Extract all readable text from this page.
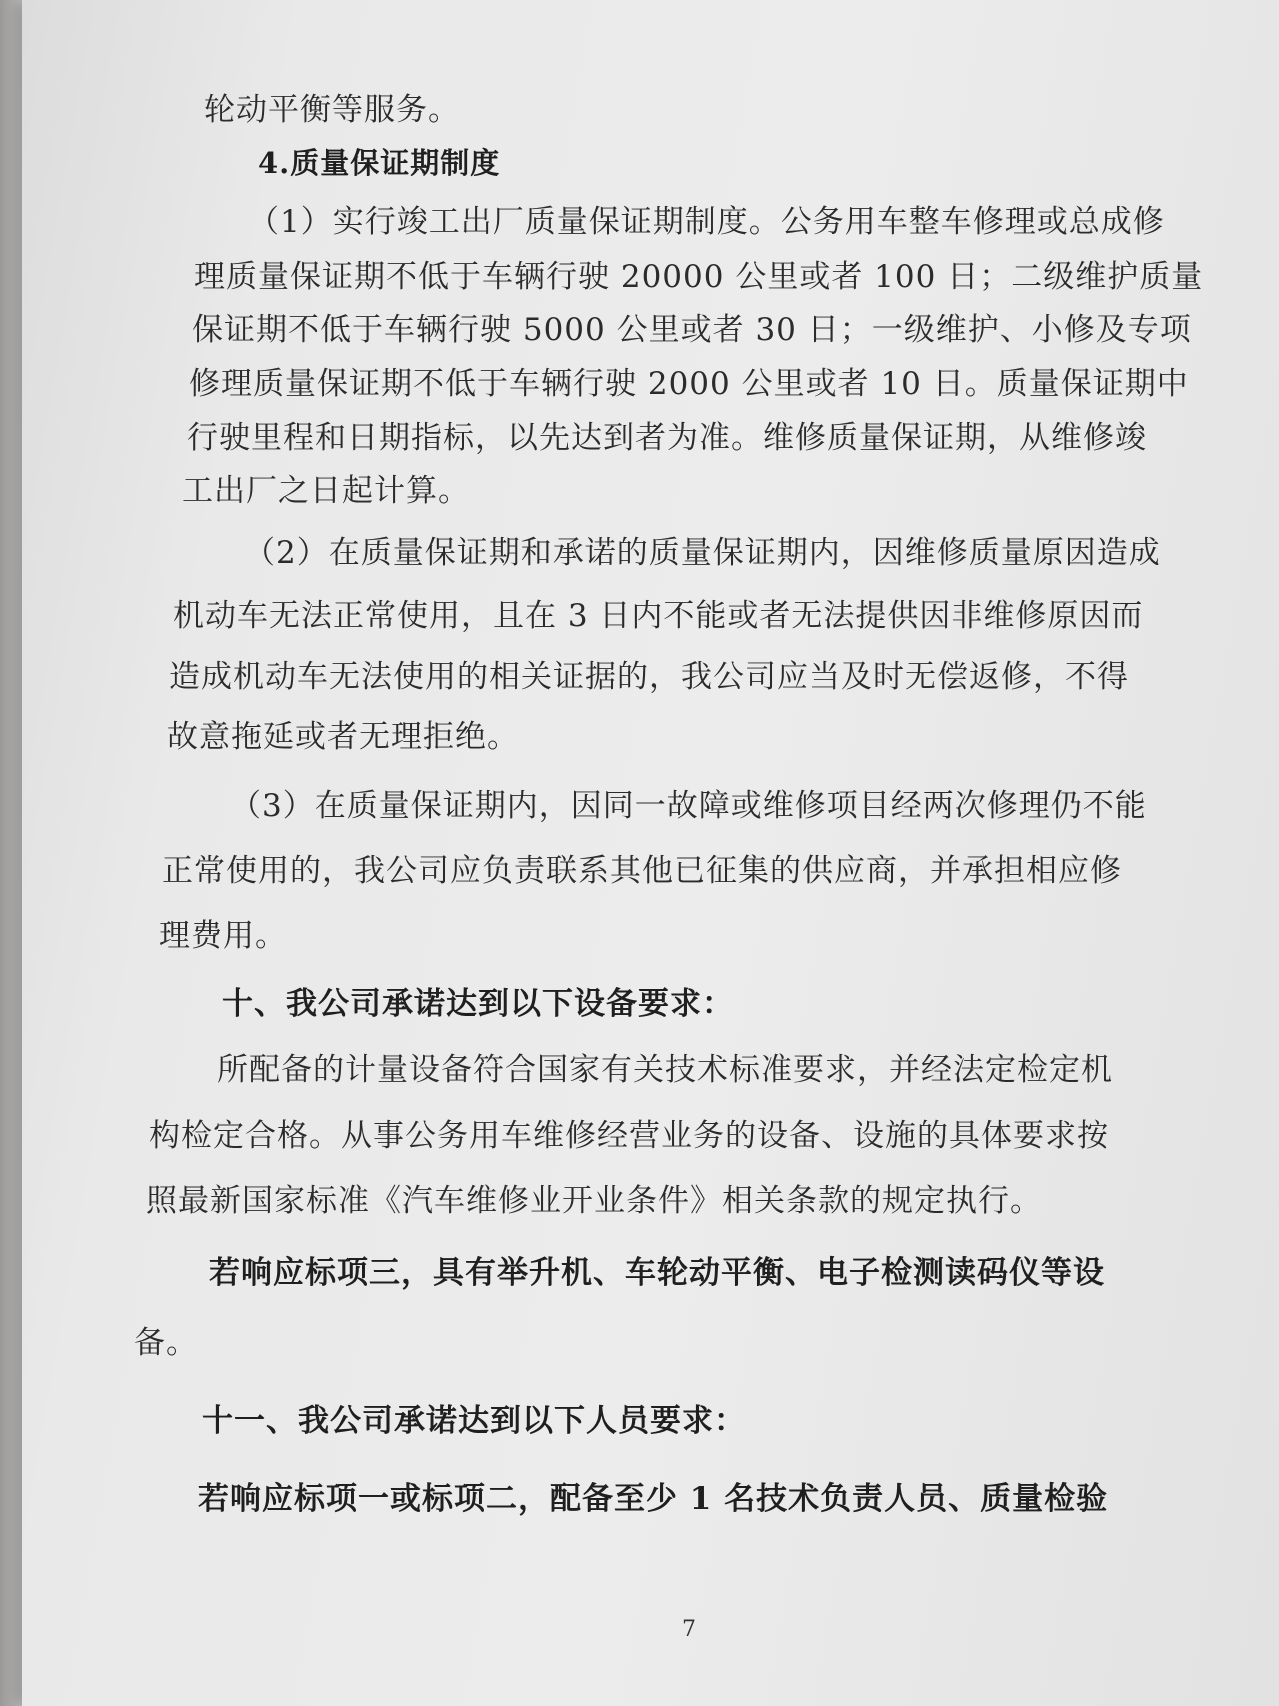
轮动平衡等服务。
4.质量保证期制度
（1）实行竣工出厂质量保证期制度。公务用车整车修理或总成修
理质量保证期不低于车辆行驶 20000 公里或者 100 日；二级维护质量
保证期不低于车辆行驶 5000 公里或者 30 日；一级维护、小修及专项
修理质量保证期不低于车辆行驶 2000 公里或者 10 日。质量保证期中
行驶里程和日期指标，以先达到者为准。维修质量保证期，从维修竣
工出厂之日起计算。
（2）在质量保证期和承诺的质量保证期内，因维修质量原因造成
机动车无法正常使用，且在 3 日内不能或者无法提供因非维修原因而
造成机动车无法使用的相关证据的，我公司应当及时无偿返修，不得
故意拖延或者无理拒绝。
（3）在质量保证期内，因同一故障或维修项目经两次修理仍不能
正常使用的，我公司应负责联系其他已征集的供应商，并承担相应修
理费用。
十、我公司承诺达到以下设备要求：
所配备的计量设备符合国家有关技术标准要求，并经法定检定机
构检定合格。从事公务用车维修经营业务的设备、设施的具体要求按
照最新国家标准《汽车维修业开业条件》相关条款的规定执行。
若响应标项三，具有举升机、车轮动平衡、电子检测读码仪等设
备。
十一、我公司承诺达到以下人员要求：
若响应标项一或标项二，配备至少 1 名技术负责人员、质量检验
7
